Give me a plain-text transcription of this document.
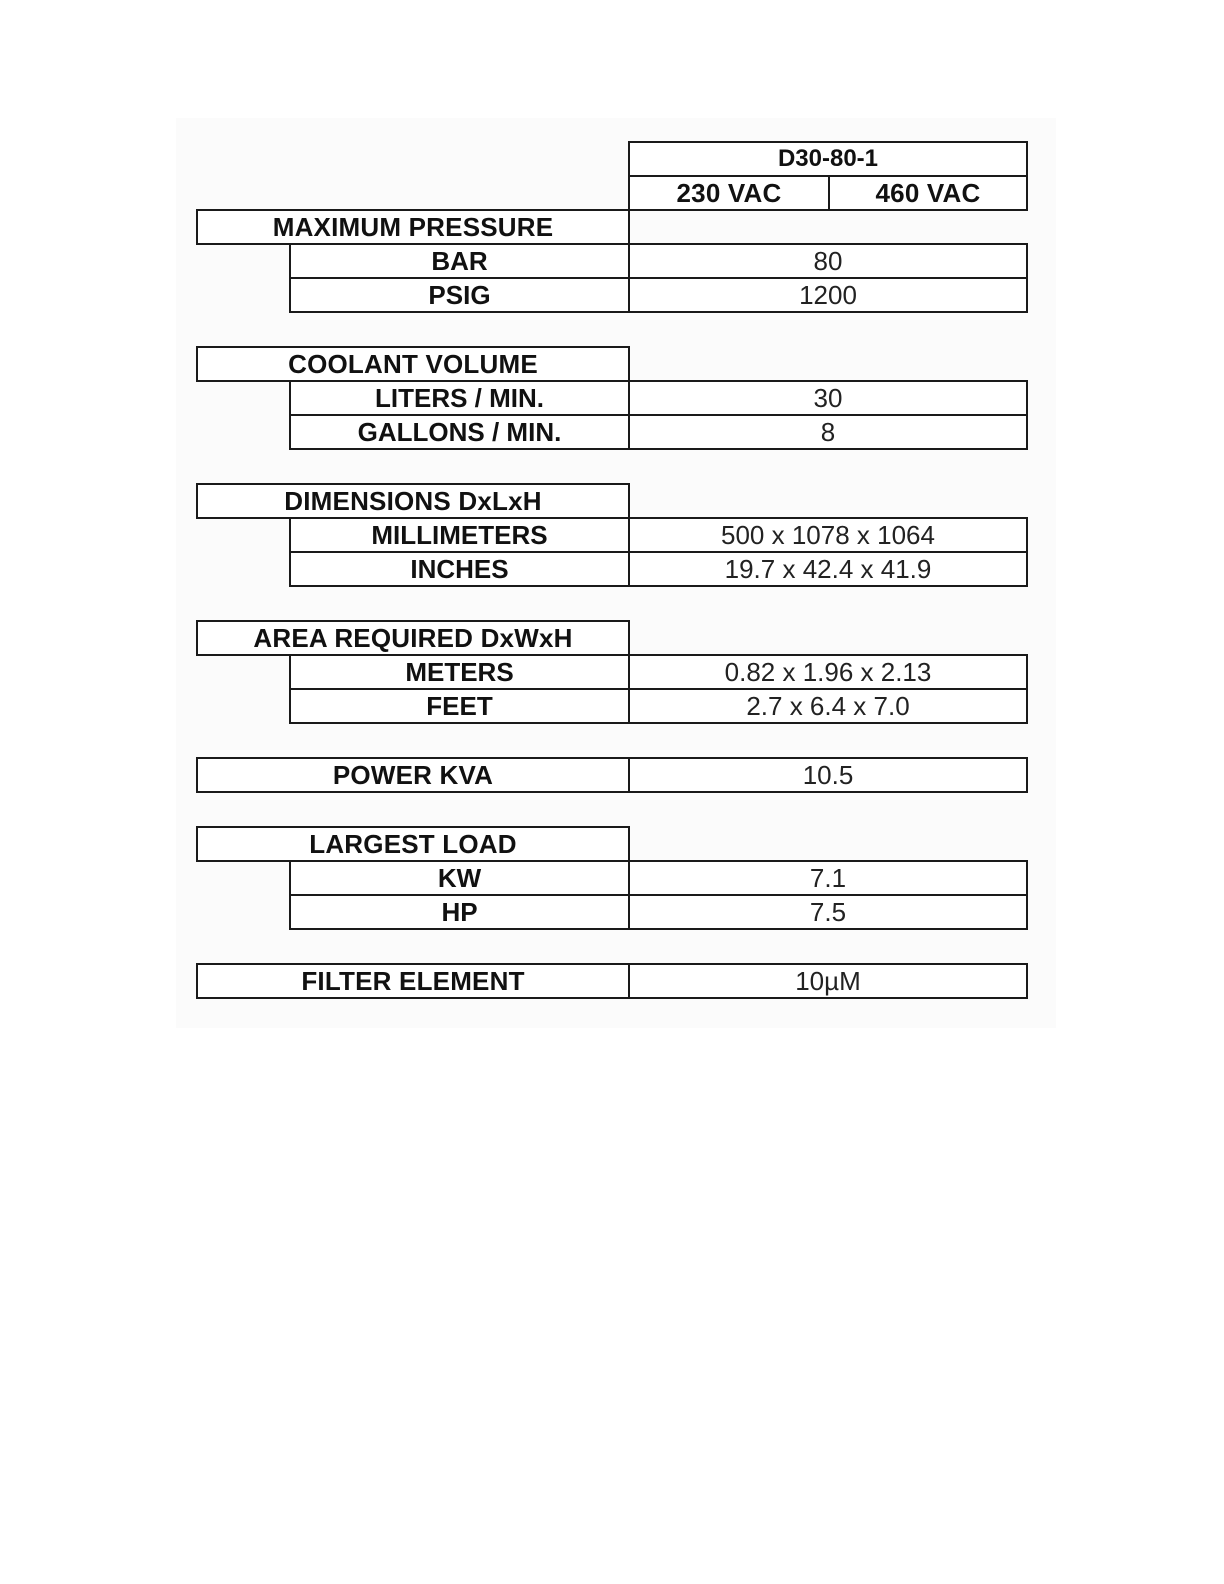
D30-80-1
230 VAC	460 VAC
MAXIMUM PRESSURE
BAR	80
PSIG	1200
COOLANT VOLUME
LITERS / MIN.	30
GALLONS / MIN.	8
DIMENSIONS DxLxH
MILLIMETERS	500 x 1078 x 1064
INCHES	19.7 x 42.4 x 41.9
AREA REQUIRED DxWxH
METERS	0.82 x 1.96 x 2.13
FEET	2.7 x 6.4 x 7.0
POWER KVA	10.5
LARGEST LOAD
KW	7.1
HP	7.5
FILTER ELEMENT	10µM
